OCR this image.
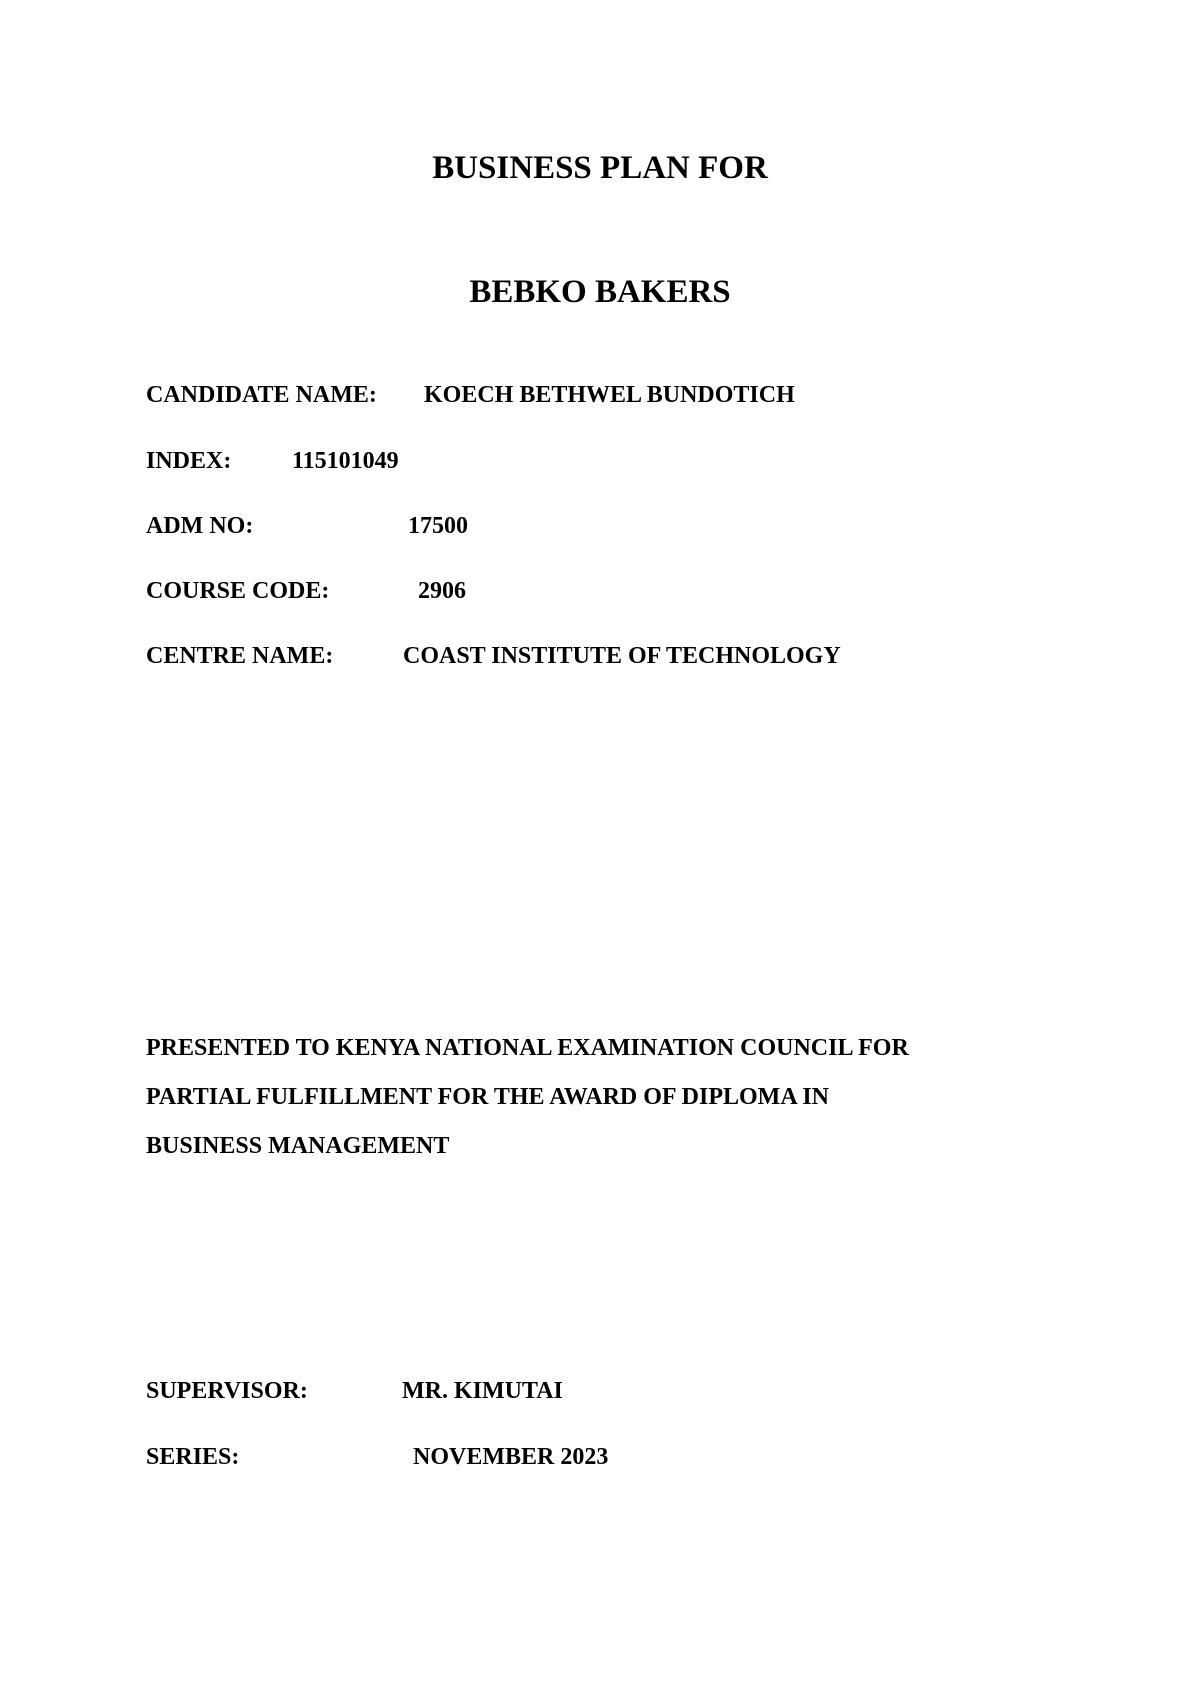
BUSINESS PLAN FOR
BEBKO BAKERS
CANDIDATE NAME: KOECH BETHWEL BUNDOTICH
INDEX:	115101049
ADM NO:	17500
COURSE CODE:	2906
CENTRE NAME:	COAST INSTITUTE OF TECHNOLOGY
PRESENTED TO KENYA NATIONAL EXAMINATION COUNCIL FOR
PARTIAL FULFILLMENT FOR THE AWARD OF DIPLOMA IN
BUSINESS MANAGEMENT
SUPERVISOR:	MR. KIMUTAI
SERIES:	NOVEMBER 2023
